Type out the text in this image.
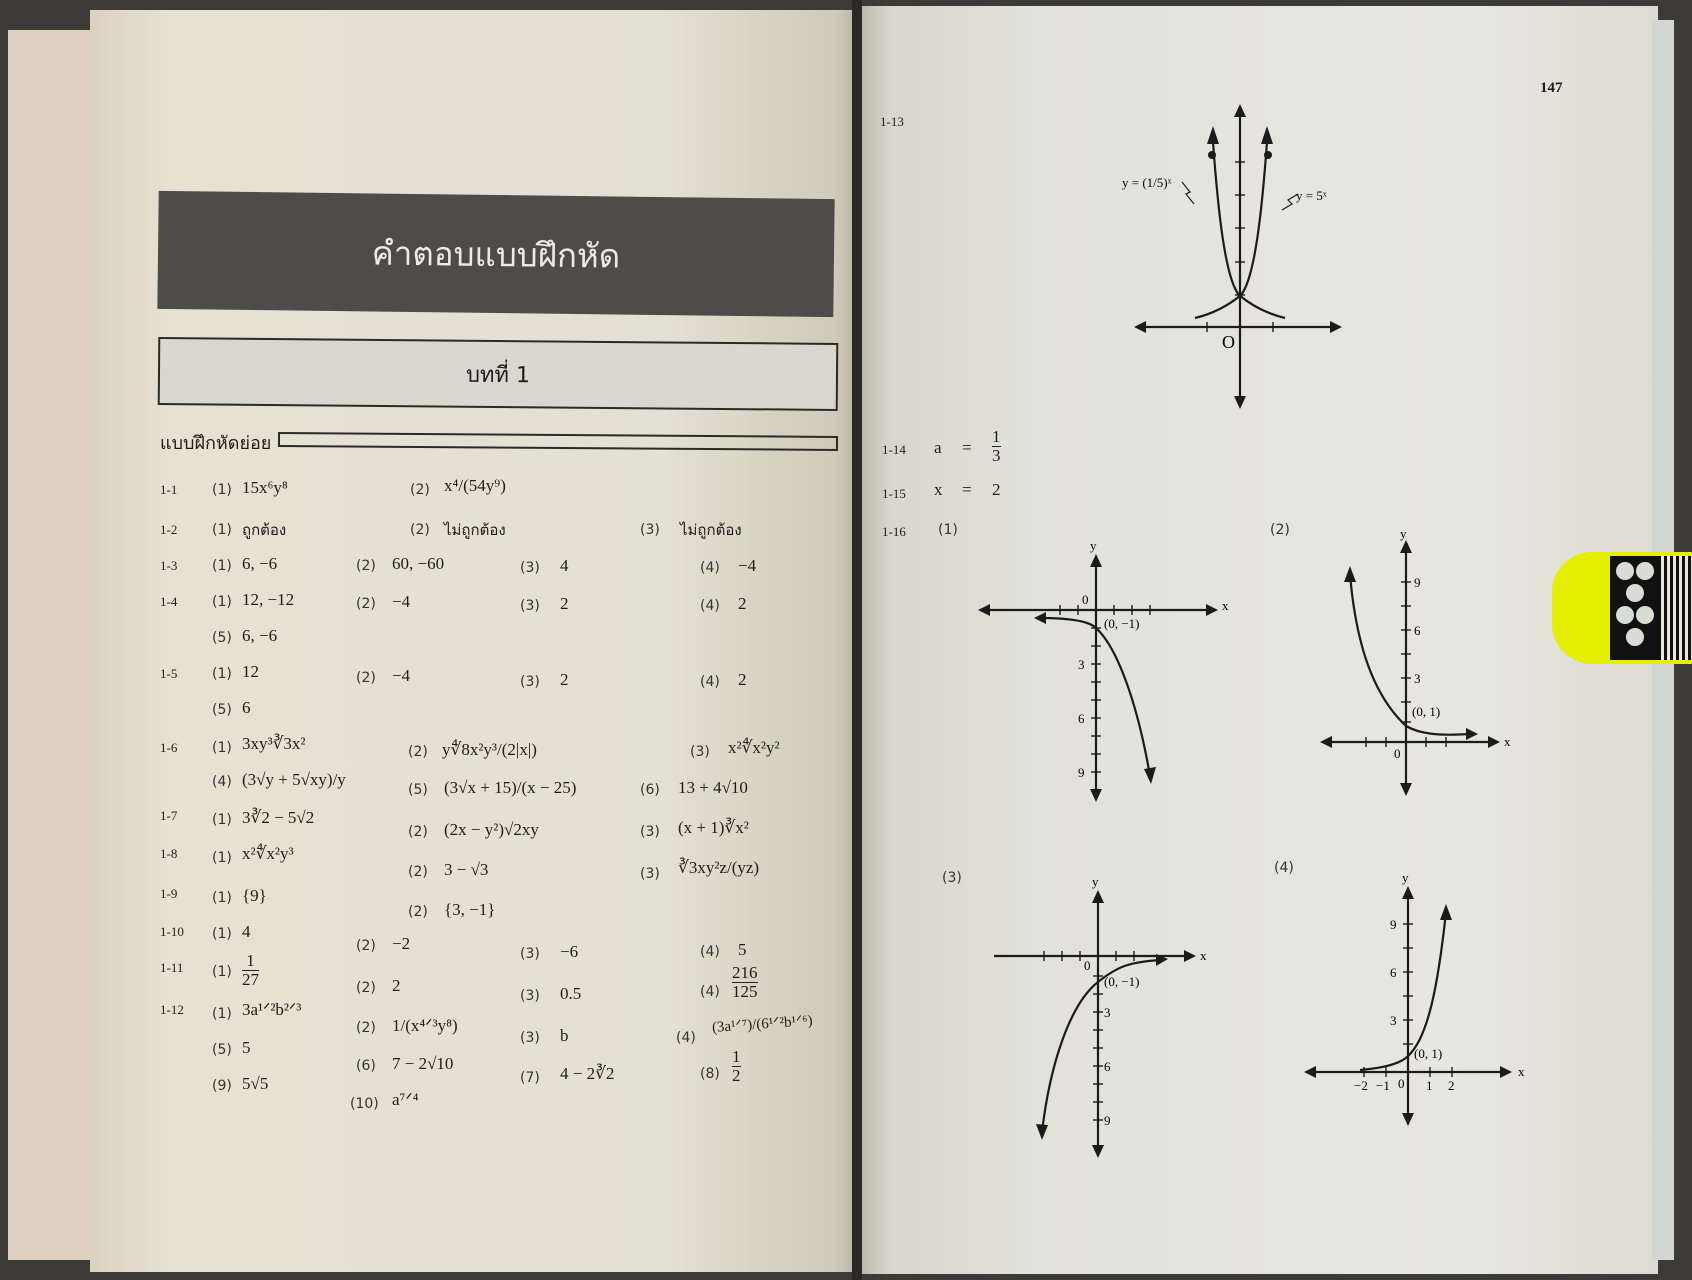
คำตอบแบบฝึกหัด
บทที่ 1
แบบฝึกหัดย่อย
1-1 (1) 15x⁶y⁸	(2) x⁴/(54y⁹)
1-2 (1) ถูกต้อง	(2) ไม่ถูกต้อง	(3) ไม่ถูกต้อง
1-3 (1) 6, −6	(2) 60, −60	(3) 4	(4) −4
1-4 (1) 12, −12	(2) −4	(3) 2	(4) 2
(5) 6, −6
1-5 (1) 12	(2) −4	(3) 2	(4) 2
(5) 6
1-6 (1) 3xy³∛3x²	(2) y∜8x²y³/(2|x|)	(3) x²∜x²y²
(4) (3√y + 5√xy)/y
(5) (3√x + 15)/(x − 25)	(6) 13 + 4√10
1-7 (1) 3∛2 − 5√2
(2) (2x − y²)√2xy	(3) (x + 1)∛x²
1-8 (1) x²∜x²y³
(2) 3 − √3	(3) ∛3xy²z/(yz)
1-9 (1) {9}
(2) {3, −1}
1-10 (1) 4
(2) −2
(3) −6	(4) 5
1-11 $(1) \frac{1}{27}$	(2) 2
(3) 0.5	$(4) \frac{216}{125}$
1-12 (1) 3a¹ᐟ²b²ᐟ³
(2) 1/(x⁴ᐟ³y⁸)
(3) b	(4)
(3a¹ᐟ⁷)/(6¹ᐟ²b¹ᐟ⁶)
(5) 5
(6) 7 − 2√10
(7) 4 − 2∛2	$(8) \frac{1}{2}$
(9) 5√5
(10) a⁷ᐟ⁴
147
1-13
1-14 $a = \frac{1}{3}$
1-15 x = 2
1-16 (1)	(2)
(3)
(4)
y = (1/5)ˣ
y = 5ˣ
O
y
x
0
(0, −1)
3
6
9
y
x
0
(0, 1)
9
6
3
y
x
0
(0, −1)
3
6
9
y
x
0
(0, 1)
9
6
3
−2 −1	1 2
